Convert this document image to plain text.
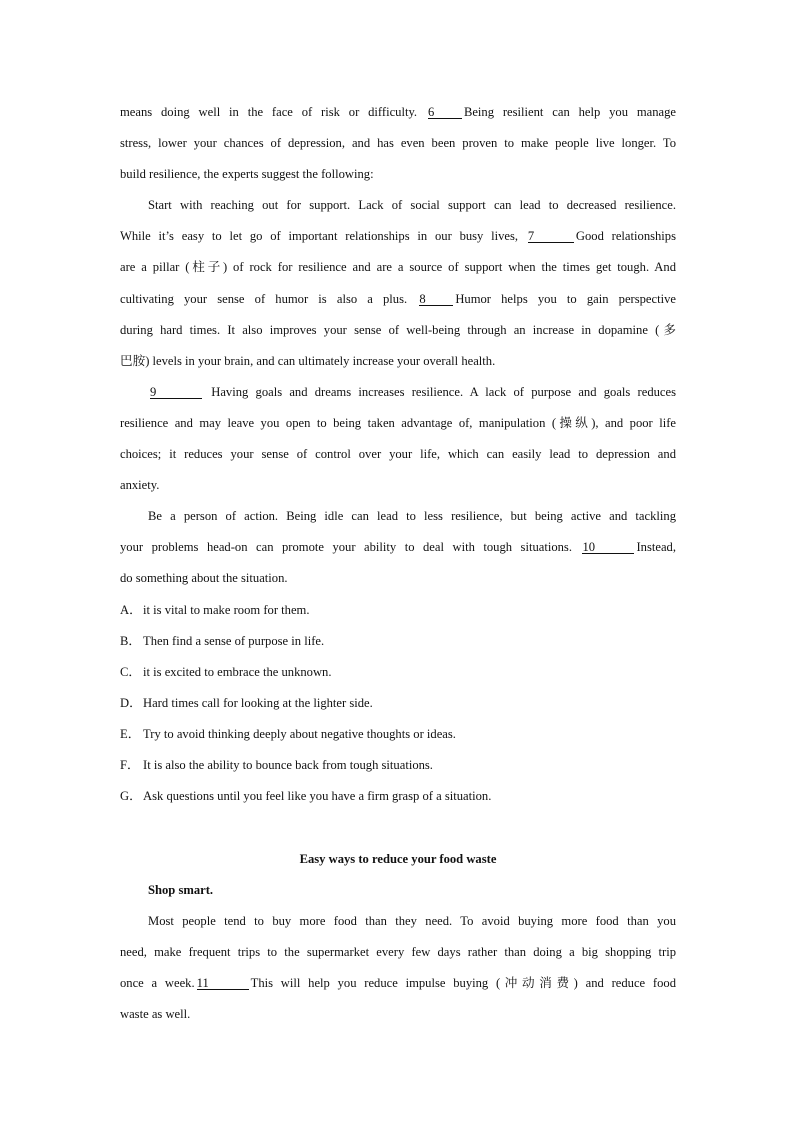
means doing well in the face of risk or difficulty. 6 Being resilient can help you manage
stress, lower your chances of depression, and has even been proven to make people live longer. To
build resilience, the experts suggest the following:
Start with reaching out for support. Lack of social support can lead to decreased resilience.
While it’s easy to let go of important relationships in our busy lives, 7	Good relationships
are a pillar (柱子) of rock for resilience and are a source of support when the times get tough. And
cultivating your sense of humor is also a plus. 8 Humor helps you to gain perspective
during hard times. It also improves your sense of well-being through an increase in dopamine (多
巴胺) levels in your brain, and can ultimately increase your overall health.
9	Having goals and dreams increases resilience. A lack of purpose and goals reduces
resilience and may leave you open to being taken advantage of, manipulation (操纵), and poor life
choices; it reduces your sense of control over your life, which can easily lead to depression and
anxiety.
Be a person of action. Being idle can lead to less resilience, but being active and tackling
your problems head-on can promote your ability to deal with tough situations. 10	Instead,
do something about the situation.
A．it is vital to make room for them.
B． Then find a sense of purpose in life.
C． it is excited to embrace the unknown.
D．Hard times call for looking at the lighter side.
E． Try to avoid thinking deeply about negative thoughts or ideas.
F． It is also the ability to bounce back from tough situations.
G．Ask questions until you feel like you have a firm grasp of a situation.
Easy ways to reduce your food waste
Shop smart.
Most people tend to buy more food than they need. To avoid buying more food than you
need, make frequent trips to the supermarket every few days rather than doing a big shopping trip
once a week. 11	This will help you reduce impulse buying (冲动消费) and reduce food
waste as well.
